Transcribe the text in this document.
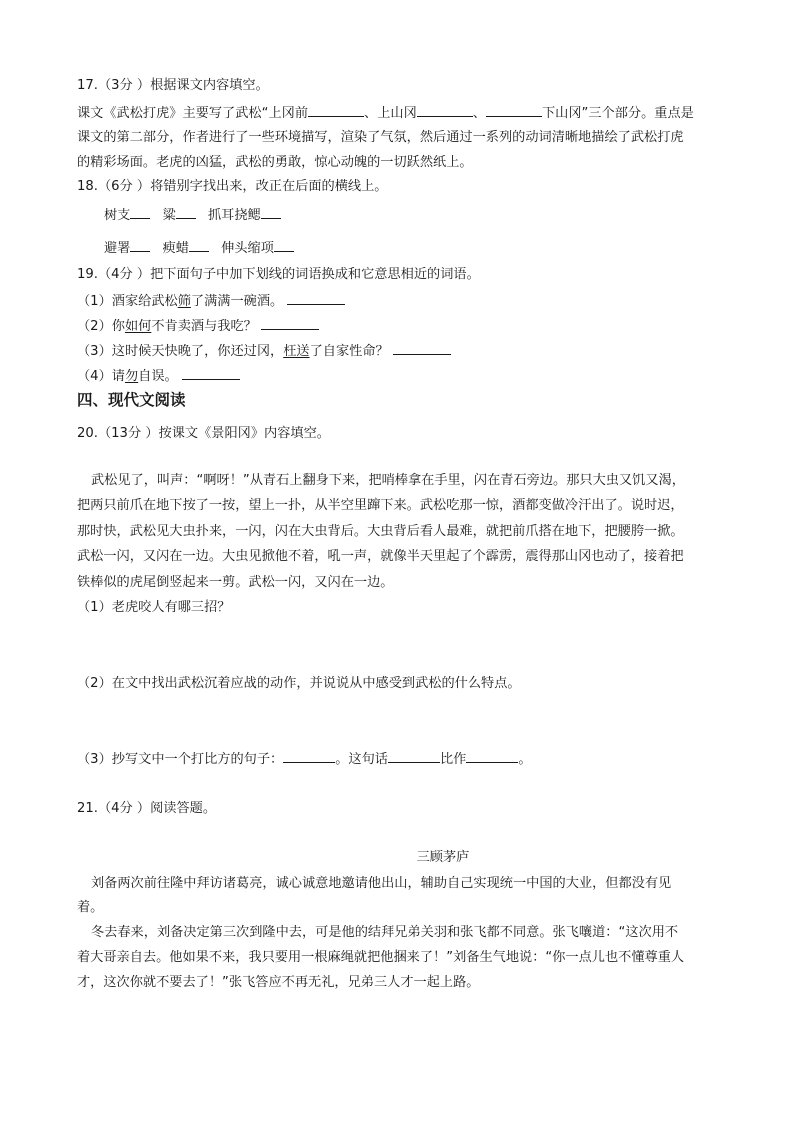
17.（3分 ）根据课文内容填空。
课文《武松打虎》主要写了武松“上冈前	、上山冈	、	下山冈”三个部分。重点是
课文的第二部分，作者进行了一些环境描写，渲染了气氛，然后通过一系列的动词清晰地描绘了武松打虎
的精彩场面。老虎的凶猛，武松的勇敢，惊心动魄的一切跃然纸上。
18.（6分 ）将错别字找出来，改正在后面的横线上。
树支 粱 抓耳挠鳃
避署 瘐蜡 伸头缩项
19.（4分 ）把下面句子中加下划线的词语换成和它意思相近的词语。
（1）酒家给武松筛了满满一碗酒。
（2）你如何不肯卖酒与我吃？
（3）这时候天快晚了，你还过冈，枉送了自家性命？
（4）请勿自误。
四、现代文阅读
20.（13分 ）按课文《景阳冈》内容填空。
武松见了，叫声：“啊呀！”从青石上翻身下来，把哨棒拿在手里，闪在青石旁边。那只大虫又饥又渴，
把两只前爪在地下按了一按，望上一扑，从半空里蹿下来。武松吃那一惊，酒都变做冷汗出了。说时迟，
那时快，武松见大虫扑来，一闪，闪在大虫背后。大虫背后看人最难，就把前爪搭在地下，把腰胯一掀。
武松一闪，又闪在一边。大虫见掀他不着，吼一声，就像半天里起了个霹雳，震得那山冈也动了，接着把
铁棒似的虎尾倒竖起来一剪。武松一闪，又闪在一边。
（1）老虎咬人有哪三招？
（2）在文中找出武松沉着应战的动作，并说说从中感受到武松的什么特点。
（3）抄写文中一个打比方的句子：	。这句话	比作	。
21.（4分 ）阅读答题。
三顾茅庐
刘备两次前往隆中拜访诸葛亮，诚心诚意地邀请他出山，辅助自己实现统一中国的大业，但都没有见
着。
冬去春来，刘备决定第三次到隆中去，可是他的结拜兄弟关羽和张飞都不同意。张飞嚷道：“这次用不
着大哥亲自去。他如果不来，我只要用一根麻绳就把他捆来了！”刘备生气地说：“你一点儿也不懂尊重人
才，这次你就不要去了！”张飞答应不再无礼，兄弟三人才一起上路。
